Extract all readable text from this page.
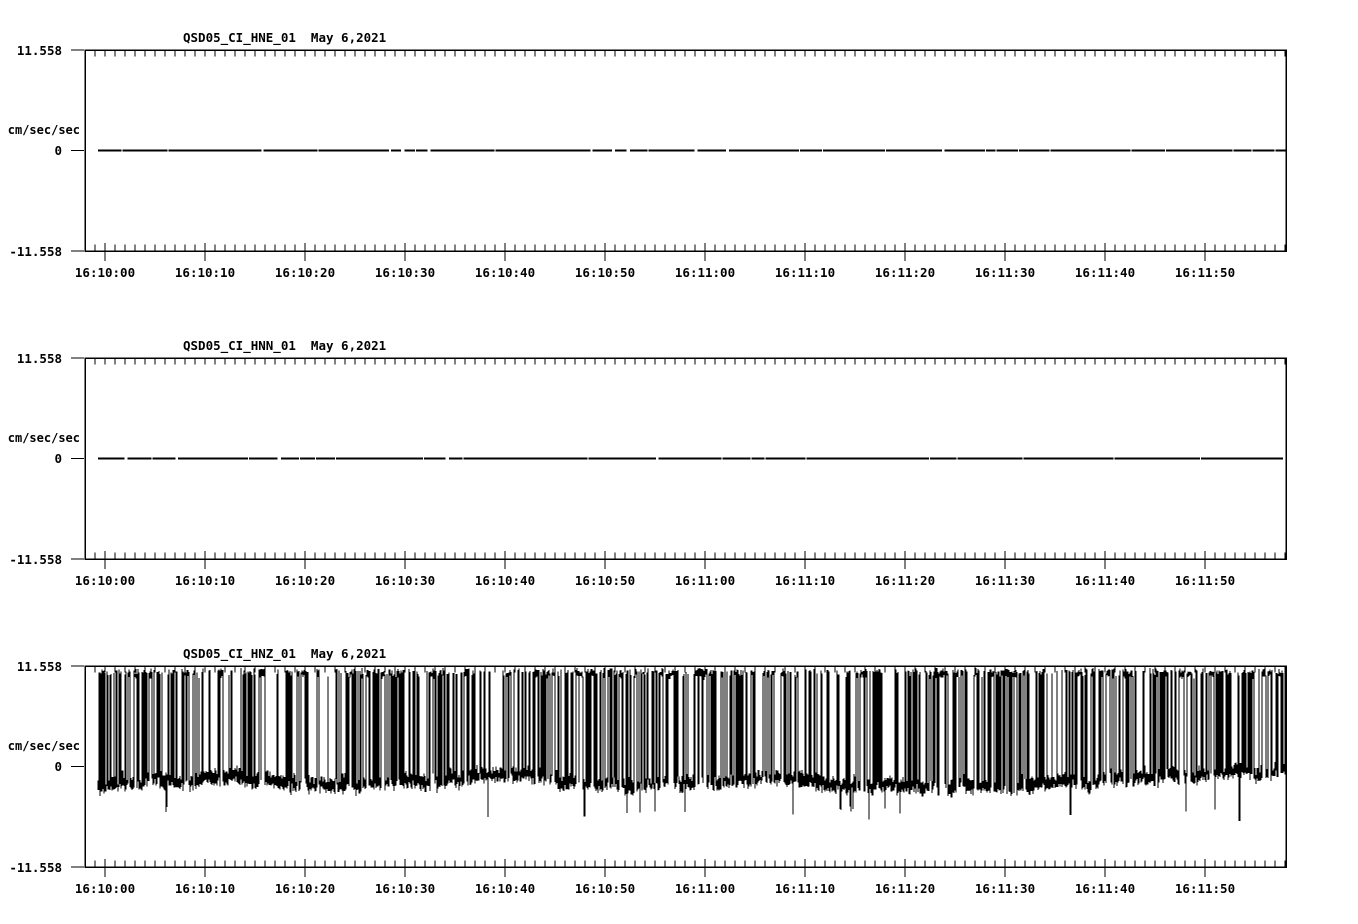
QSD05_CI_HNE_01  May 6,2021
11.558
cm/sec/sec
0
-11.558
16:10:00	16:10:10	16:10:20	16:10:30	16:10:40	16:10:50	16:11:00	16:11:10	16:11:20	16:11:30	16:11:40	16:11:50
QSD05_CI_HNN_01  May 6,2021
11.558
cm/sec/sec
0
-11.558
16:10:00	16:10:10	16:10:20	16:10:30	16:10:40	16:10:50	16:11:00	16:11:10	16:11:20	16:11:30	16:11:40	16:11:50
QSD05_CI_HNZ_01  May 6,2021
11.558
cm/sec/sec
0
-11.558
16:10:00	16:10:10	16:10:20	16:10:30	16:10:40	16:10:50	16:11:00	16:11:10	16:11:20	16:11:30	16:11:40	16:11:50
